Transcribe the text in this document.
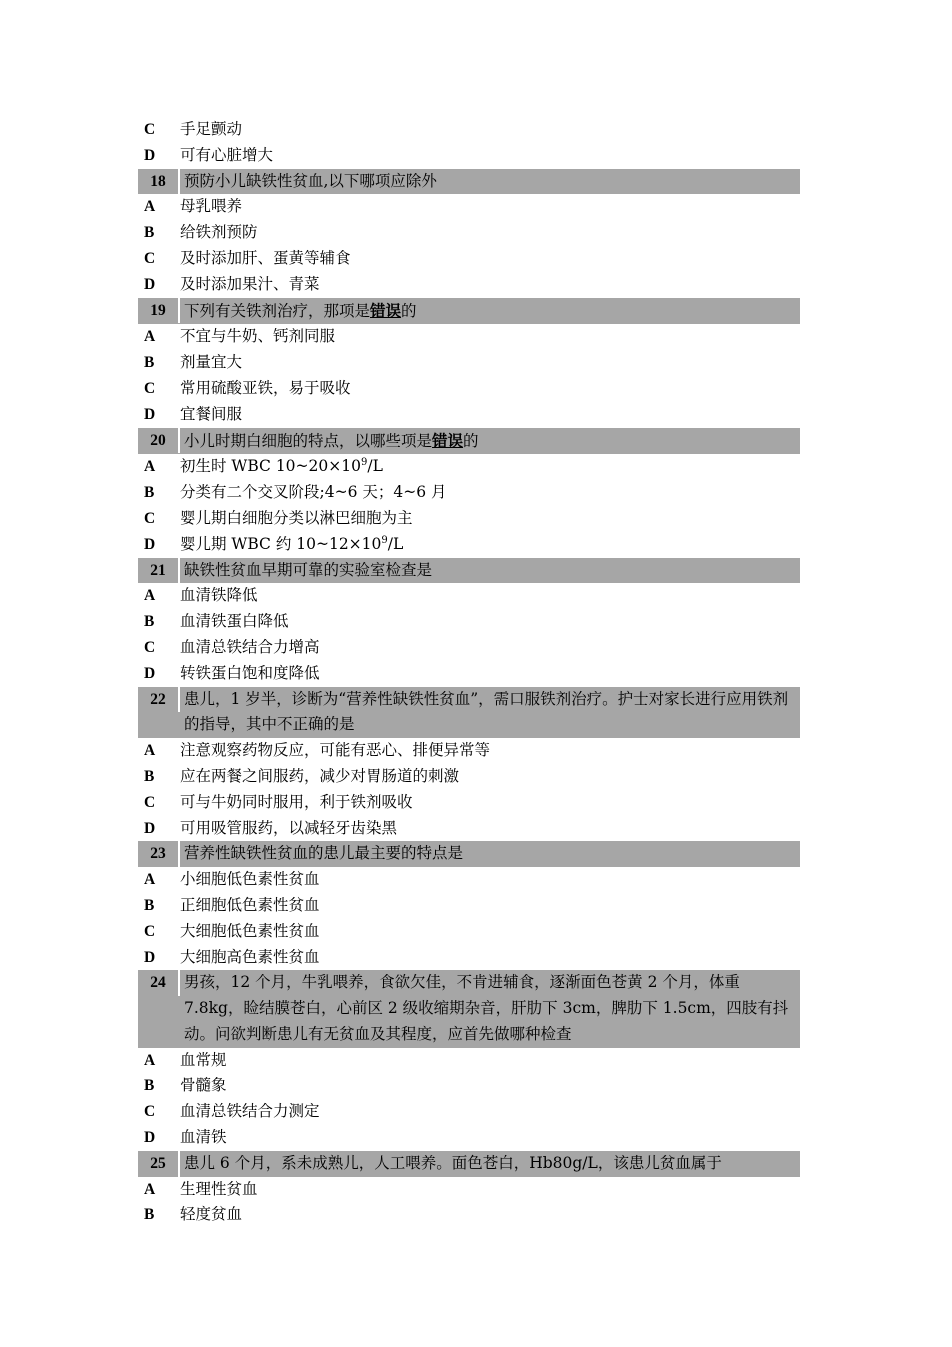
C	手足颤动
D	可有心脏增大
18	预防小儿缺铁性贫血,以下哪项应除外
A	母乳喂养
B	给铁剂预防
C	及时添加肝、蛋黄等辅食
D	及时添加果汁、青菜
19	下列有关铁剂治疗，那项是错误的
A	不宜与牛奶、钙剂同服
B	剂量宜大
C	常用硫酸亚铁，易于吸收
D	宜餐间服
20	小儿时期白细胞的特点，以哪些项是错误的
A	初生时 WBC $10\sim 20\times 10^9/L$
B	分类有二个交叉阶段;4~6 天；4~6 月
C	婴儿期白细胞分类以淋巴细胞为主
D	婴儿期 WBC 约 $10\sim 12\times 10^9/L$
21	缺铁性贫血早期可靠的实验室检查是
A	血清铁降低
B	血清铁蛋白降低
C	血清总铁结合力增高
D	转铁蛋白饱和度降低
22	患儿，1 岁半，诊断为“营养性缺铁性贫血”，需口服铁剂治疗。护士对家长进行应用铁剂的指导，其中不正确的是
A	注意观察药物反应，可能有恶心、排便异常等
B	应在两餐之间服药，减少对胃肠道的刺激
C	可与牛奶同时服用，利于铁剂吸收
D	可用吸管服药，以减轻牙齿染黑
23	营养性缺铁性贫血的患儿最主要的特点是
A	小细胞低色素性贫血
B	正细胞低色素性贫血
C	大细胞低色素性贫血
D	大细胞高色素性贫血
24	男孩，12 个月，牛乳喂养，食欲欠佳，不肯进辅食，逐渐面色苍黄 2 个月，体重 7.8kg，睑结膜苍白，心前区 2 级收缩期杂音，肝肋下 3cm，脾肋下 1.5cm，四肢有抖动。问欲判断患儿有无贫血及其程度，应首先做哪种检查
A	血常规
B	骨髓象
C	血清总铁结合力测定
D	血清铁
25	患儿 6 个月，系未成熟儿，人工喂养。面色苍白，Hb80g/L，该患儿贫血属于
A	生理性贫血
B	轻度贫血
